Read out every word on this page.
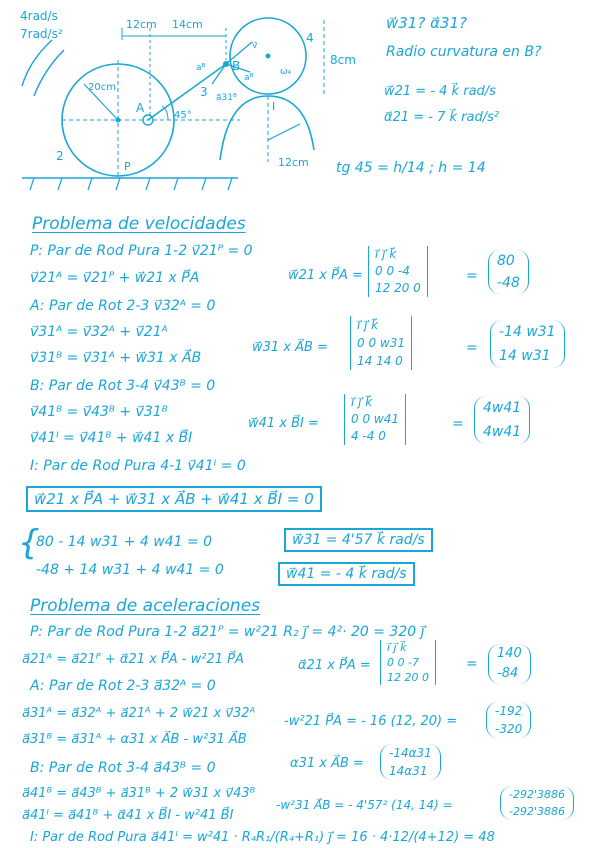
4rad/s
7rad/s²
12cm 14cm
8cm
20cm
12cm
45°
2
3
4
A
B
P
I
aᴮ
a⃗31ᴮ
v⃗
ω₄
aᴮ
w⃗31? α⃗31?
Radio curvatura en B?
w⃗21 = - 4 k⃗ rad/s
α⃗21 = - 7 k⃗ rad/s²
tg 45 = h/14 ; h = 14
Problema de velocidades
P: Par de Rod Pura 1-2 v⃗21ᴾ = 0
v⃗21ᴬ = v⃗21ᴾ + w⃗21 x P⃗A
A: Par de Rot 2-3 v⃗32ᴬ = 0
v⃗31ᴬ = v⃗32ᴬ + v⃗21ᴬ
v⃗31ᴮ = v⃗31ᴬ + w⃗31 x A⃗B
B: Par de Rot 3-4 v⃗43ᴮ = 0
v⃗41ᴮ = v⃗43ᴮ + v⃗31ᴮ
v⃗41ᴵ = v⃗41ᴮ + w⃗41 x B⃗I
I: Par de Rod Pura 4-1 v⃗41ᴵ = 0
w⃗21 x P⃗A + w⃗31 x A⃗B + w⃗41 x B⃗I = 0
w⃗21 x P⃗A =
i⃗ j⃗ k⃗
0 0 -4
12 20 0
=
80
-48
w⃗31 x A⃗B =
i⃗ j⃗ k⃗
0 0 w31
14 14 0
=
-14 w31
14 w31
w⃗41 x B⃗I =
i⃗ j⃗ k⃗
0 0 w41
4 -4 0
=
4w41
4w41
{
80 - 14 w31 + 4 w41 = 0
-48 + 14 w31 + 4 w41 = 0
w⃗31 = 4'57 k⃗ rad/s
w⃗41 = - 4 k⃗ rad/s
Problema de aceleraciones
P: Par de Rod Pura 1-2 a⃗21ᴾ = w²21 R₂ j⃗ = 4²· 20 = 320 j⃗
a⃗21ᴬ = a⃗21ᴾ + α⃗21 x P⃗A - w²21 P⃗A
A: Par de Rot 2-3 a⃗32ᴬ = 0
a⃗31ᴬ = a⃗32ᴬ + a⃗21ᴬ + 2 w⃗21 x v⃗32ᴬ
a⃗31ᴮ = a⃗31ᴬ + α31 x A⃗B - w²31 A⃗B
B: Par de Rot 3-4 a⃗43ᴮ = 0
a⃗41ᴮ = a⃗43ᴮ + a⃗31ᴮ + 2 w⃗31 x v⃗43ᴮ
a⃗41ᴵ = a⃗41ᴮ + α⃗41 x B⃗I - w²41 B⃗I
I: Par de Rod Pura a⃗41ᴵ = w²41 · R₄R₁/(R₄+R₁) j⃗ = 16 · 4·12/(4+12) = 48
α⃗21 x P⃗A =
i⃗ j⃗ k⃗
0 0 -7
12 20 0
=
140
-84
-w²21 P⃗A = - 16 (12, 20) =
-192
-320
α31 x A⃗B =
-14α31
14α31
-w²31 A⃗B = - 4'57² (14, 14) =
-292'3886
-292'3886
